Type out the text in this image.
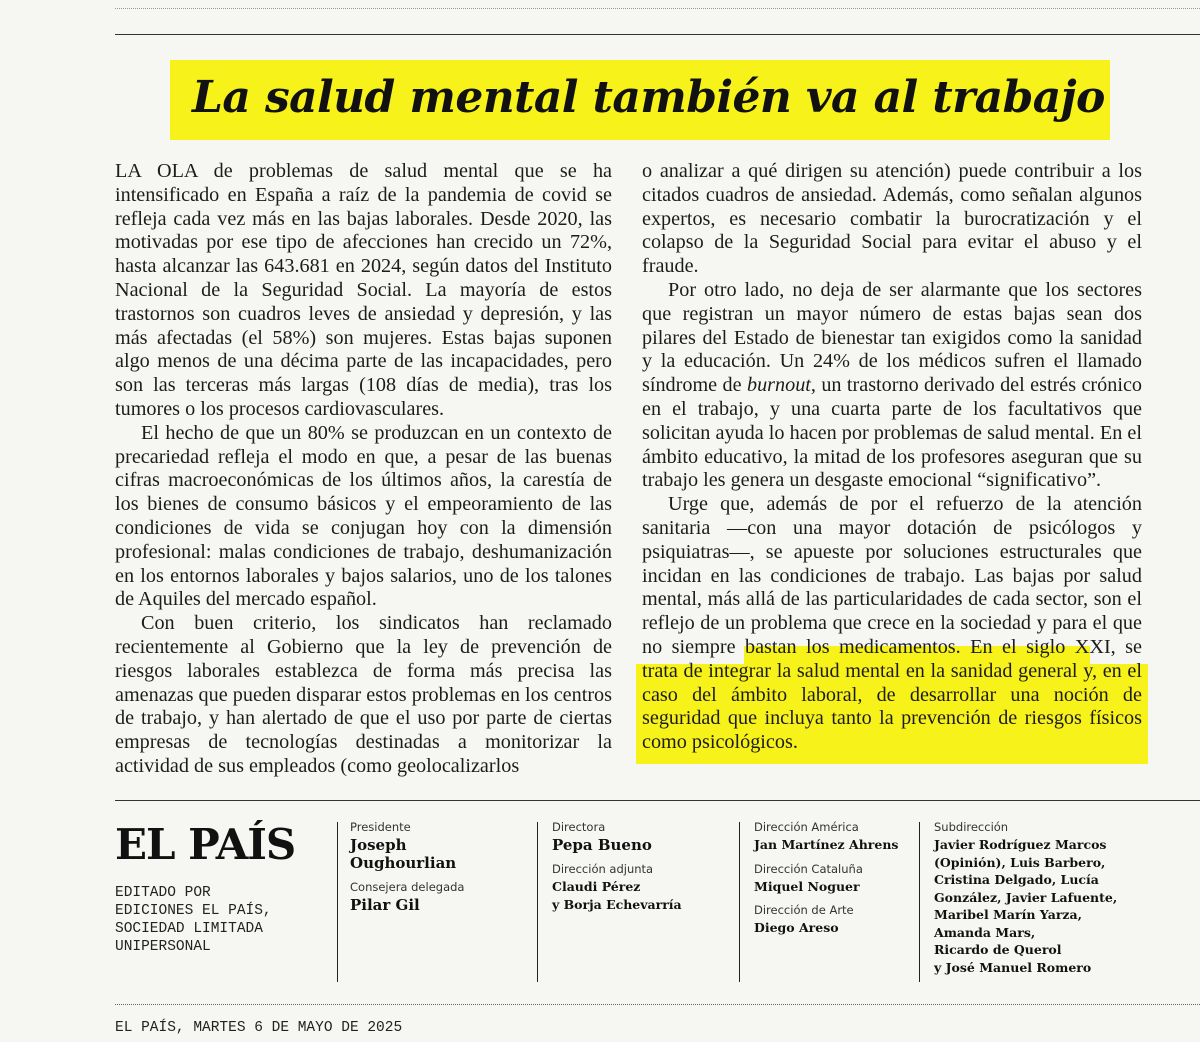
La salud mental también va al trabajo

LA OLA de problemas de salud mental que se ha intensificado en España a raíz de la pandemia de covid se refleja cada vez más en las bajas laborales. Desde 2020, las motivadas por ese tipo de afecciones han crecido un 72%, hasta alcanzar las 643.681 en 2024, según datos del Instituto Nacional de la Seguridad Social. La mayoría de estos trastornos son cuadros leves de ansiedad y depresión, y las más afectadas (el 58%) son mujeres. Estas bajas suponen algo menos de una décima parte de las incapacidades, pero son las terceras más largas (108 días de media), tras los tumores o los procesos cardiovasculares.

El hecho de que un 80% se produzcan en un contexto de precariedad refleja el modo en que, a pesar de las buenas cifras macroeconómicas de los últimos años, la carestía de los bienes de consumo básicos y el empeoramiento de las condiciones de vida se conjugan hoy con la dimensión profesional: malas condiciones de trabajo, deshumanización en los entornos laborales y bajos salarios, uno de los talones de Aquiles del mercado español.

Con buen criterio, los sindicatos han reclamado recientemente al Gobierno que la ley de prevención de riesgos laborales establezca de forma más precisa las amenazas que pueden disparar estos problemas en los centros de trabajo, y han alertado de que el uso por parte de ciertas empresas de tecnologías destinadas a monitorizar la actividad de sus empleados (como geolocalizarlos

o analizar a qué dirigen su atención) puede contribuir a los citados cuadros de ansiedad. Además, como señalan algunos expertos, es necesario combatir la burocratización y el colapso de la Seguridad Social para evitar el abuso y el fraude.

Por otro lado, no deja de ser alarmante que los sectores que registran un mayor número de estas bajas sean dos pilares del Estado de bienestar tan exigidos como la sanidad y la educación. Un 24% de los médicos sufren el llamado síndrome de burnout, un trastorno derivado del estrés crónico en el trabajo, y una cuarta parte de los facultativos que solicitan ayuda lo hacen por problemas de salud mental. En el ámbito educativo, la mitad de los profesores aseguran que su trabajo les genera un desgaste emocional “significativo”.

Urge que, además de por el refuerzo de la atención sanitaria —con una mayor dotación de psicólogos y psiquiatras—, se apueste por soluciones estructurales que incidan en las condiciones de trabajo. Las bajas por salud mental, más allá de las particularidades de cada sector, son el reflejo de un problema que crece en la sociedad y para el que no siempre bastan los medicamentos. En el siglo XXI, se trata de integrar la salud mental en la sanidad general y, en el caso del ámbito laboral, de desarrollar una noción de seguridad que incluya tanto la prevención de riesgos físicos como psicológicos.

EL PAÍS
EDITADO POR
EDICIONES EL PAÍS,
SOCIEDAD LIMITADA
UNIPERSONAL
Presidente
Joseph
Oughourlian
Consejera delegada
Pilar Gil
Directora
Pepa Bueno
Dirección adjunta
Claudi Pérez
y Borja Echevarría
Dirección América
Jan Martínez Ahrens
Dirección Cataluña
Miquel Noguer
Dirección de Arte
Diego Areso
Subdirección
Javier Rodríguez Marcos
(Opinión), Luis Barbero,
Cristina Delgado, Lucía
González, Javier Lafuente,
Maribel Marín Yarza,
Amanda Mars,
Ricardo de Querol
y José Manuel Romero

EL PAÍS, MARTES 6 DE MAYO DE 2025
